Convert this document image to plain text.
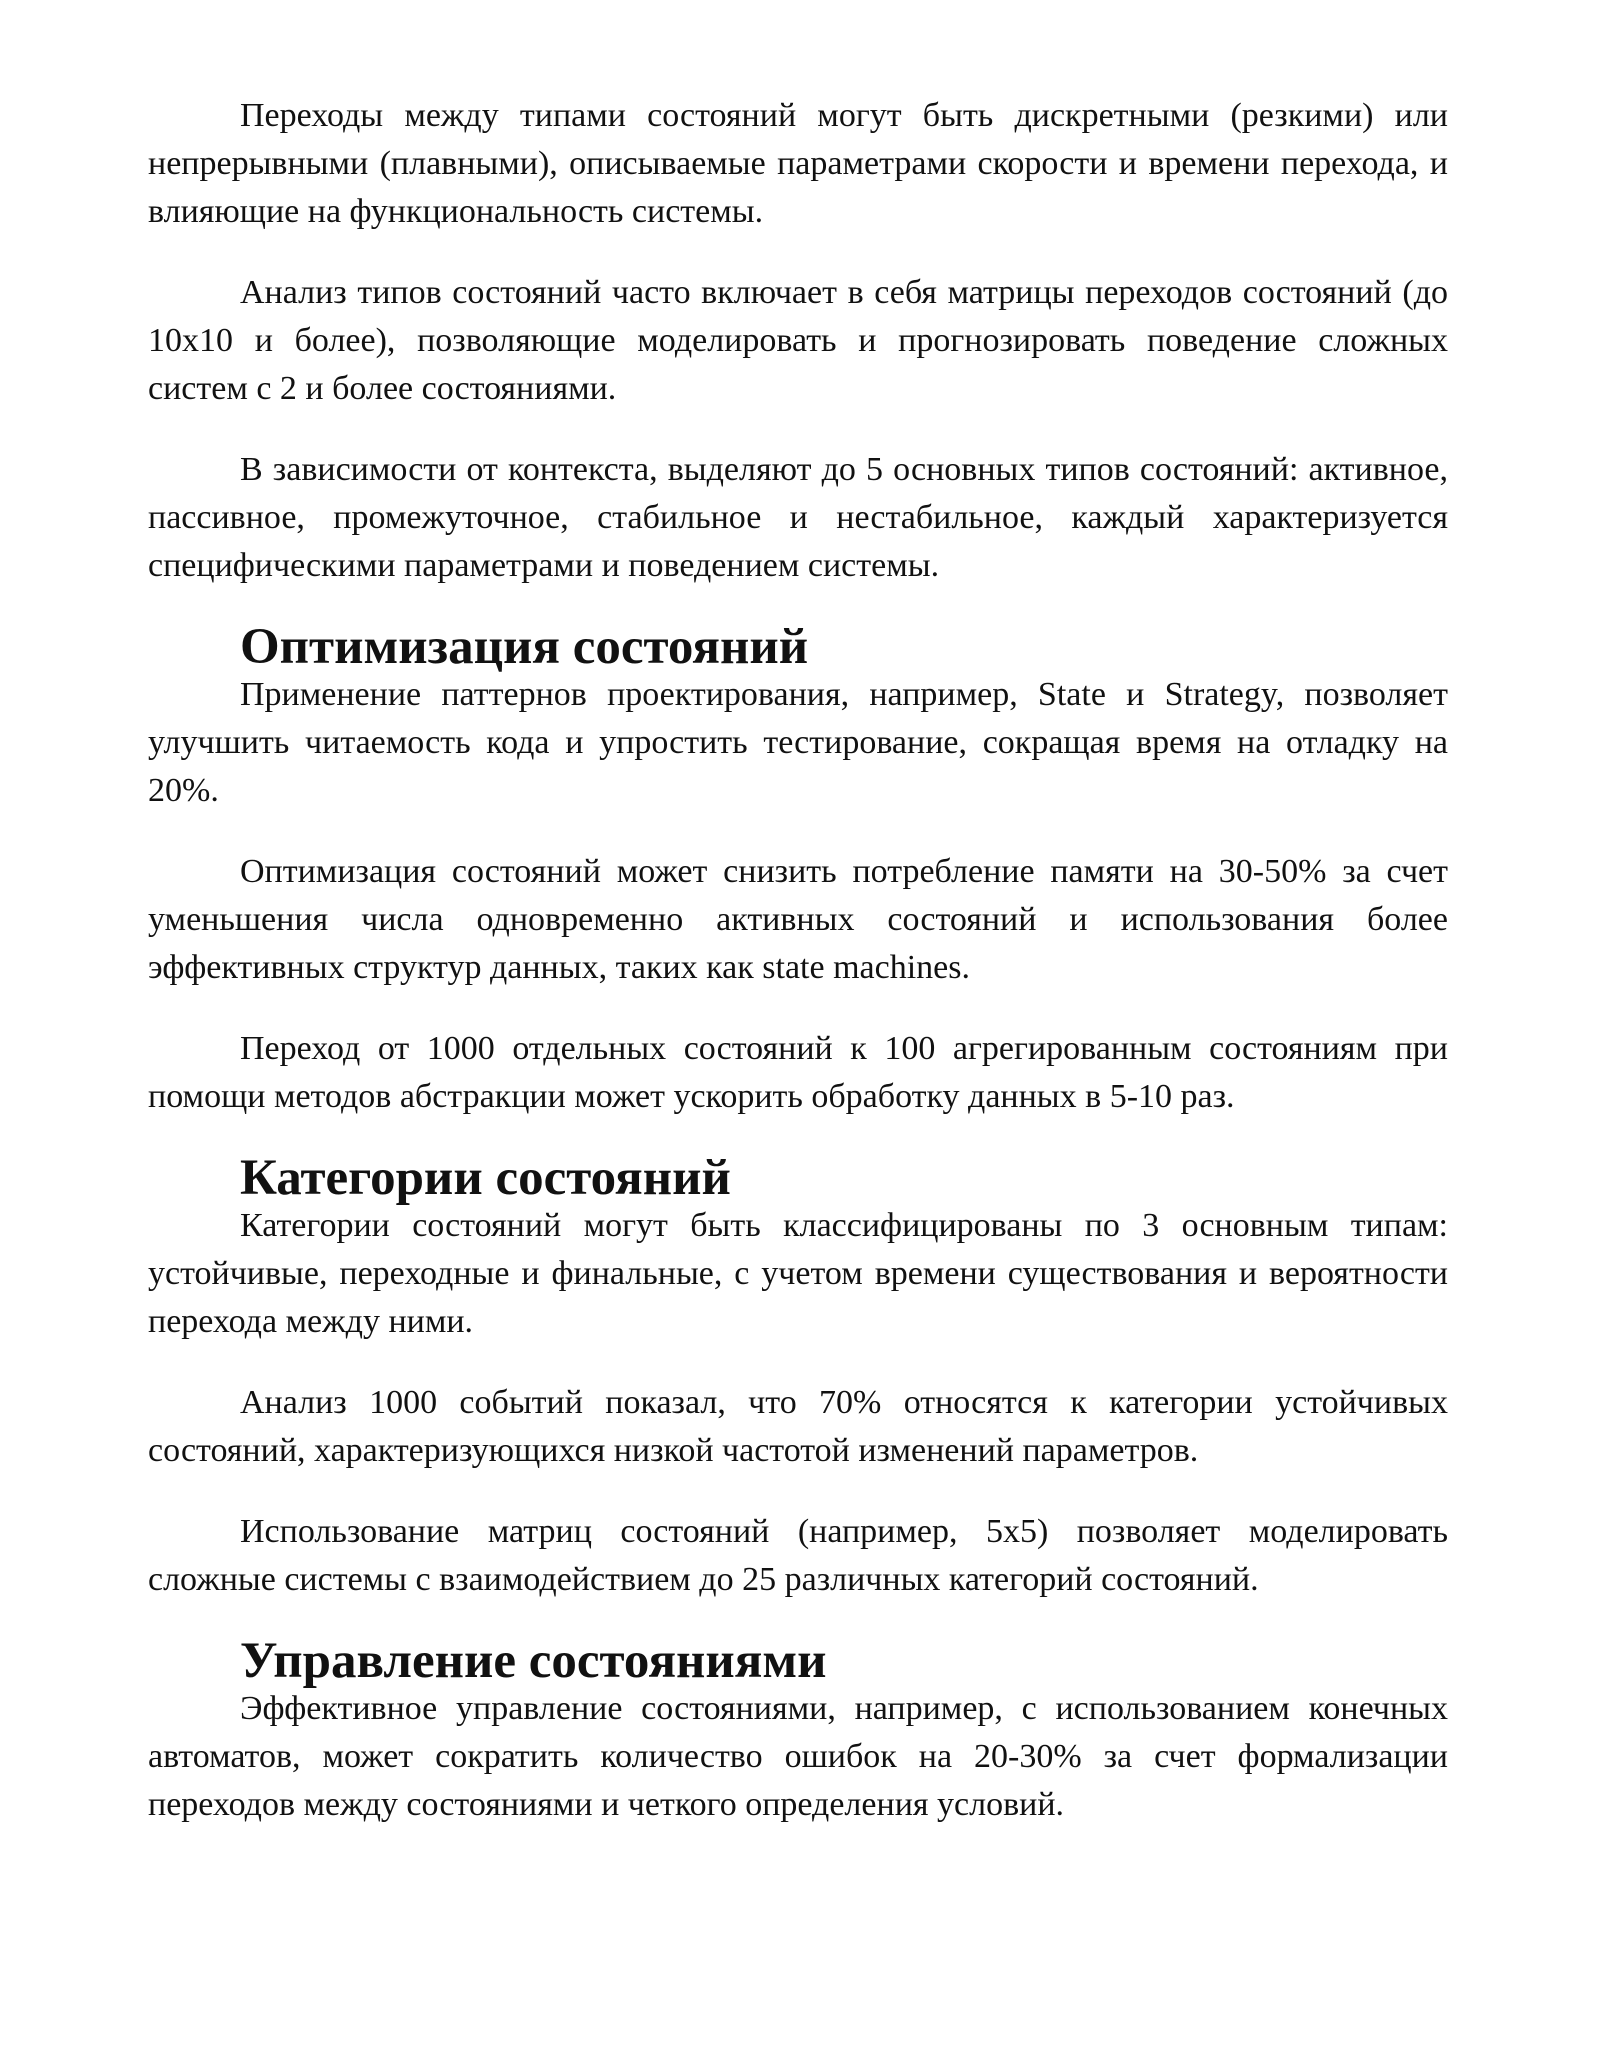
Переходы между типами состояний могут быть дискретными (резкими) или непрерывными (плавными), описываемые параметрами скорости и времени перехода, и влияющие на функциональность системы.

Анализ типов состояний часто включает в себя матрицы переходов состояний (до 10x10 и более), позволяющие моделировать и прогнозировать поведение сложных систем с 2 и более состояниями.

В зависимости от контекста, выделяют до 5 основных типов состояний: активное, пассивное, промежуточное, стабильное и нестабильное, каждый характеризуется специфическими параметрами и поведением системы.

Оптимизация состояний

Применение паттернов проектирования, например, State и Strategy, позволяет улучшить читаемость кода и упростить тестирование, сокращая время на отладку на 20%.

Оптимизация состояний может снизить потребление памяти на 30-50% за счет уменьшения числа одновременно активных состояний и использования более эффективных структур данных, таких как state machines.

Переход от 1000 отдельных состояний к 100 агрегированным состояниям при помощи методов абстракции может ускорить обработку данных в 5-10 раз.

Категории состояний

Категории состояний могут быть классифицированы по 3 основным типам: устойчивые, переходные и финальные, с учетом времени существования и вероятности перехода между ними.

Анализ 1000 событий показал, что 70% относятся к категории устойчивых состояний, характеризующихся низкой частотой изменений параметров.

Использование матриц состояний (например, 5x5) позволяет моделировать сложные системы с взаимодействием до 25 различных категорий состояний.

Управление состояниями

Эффективное управление состояниями, например, с использованием конечных автоматов, может сократить количество ошибок на 20-30% за счет формализации переходов между состояниями и четкого определения условий.
